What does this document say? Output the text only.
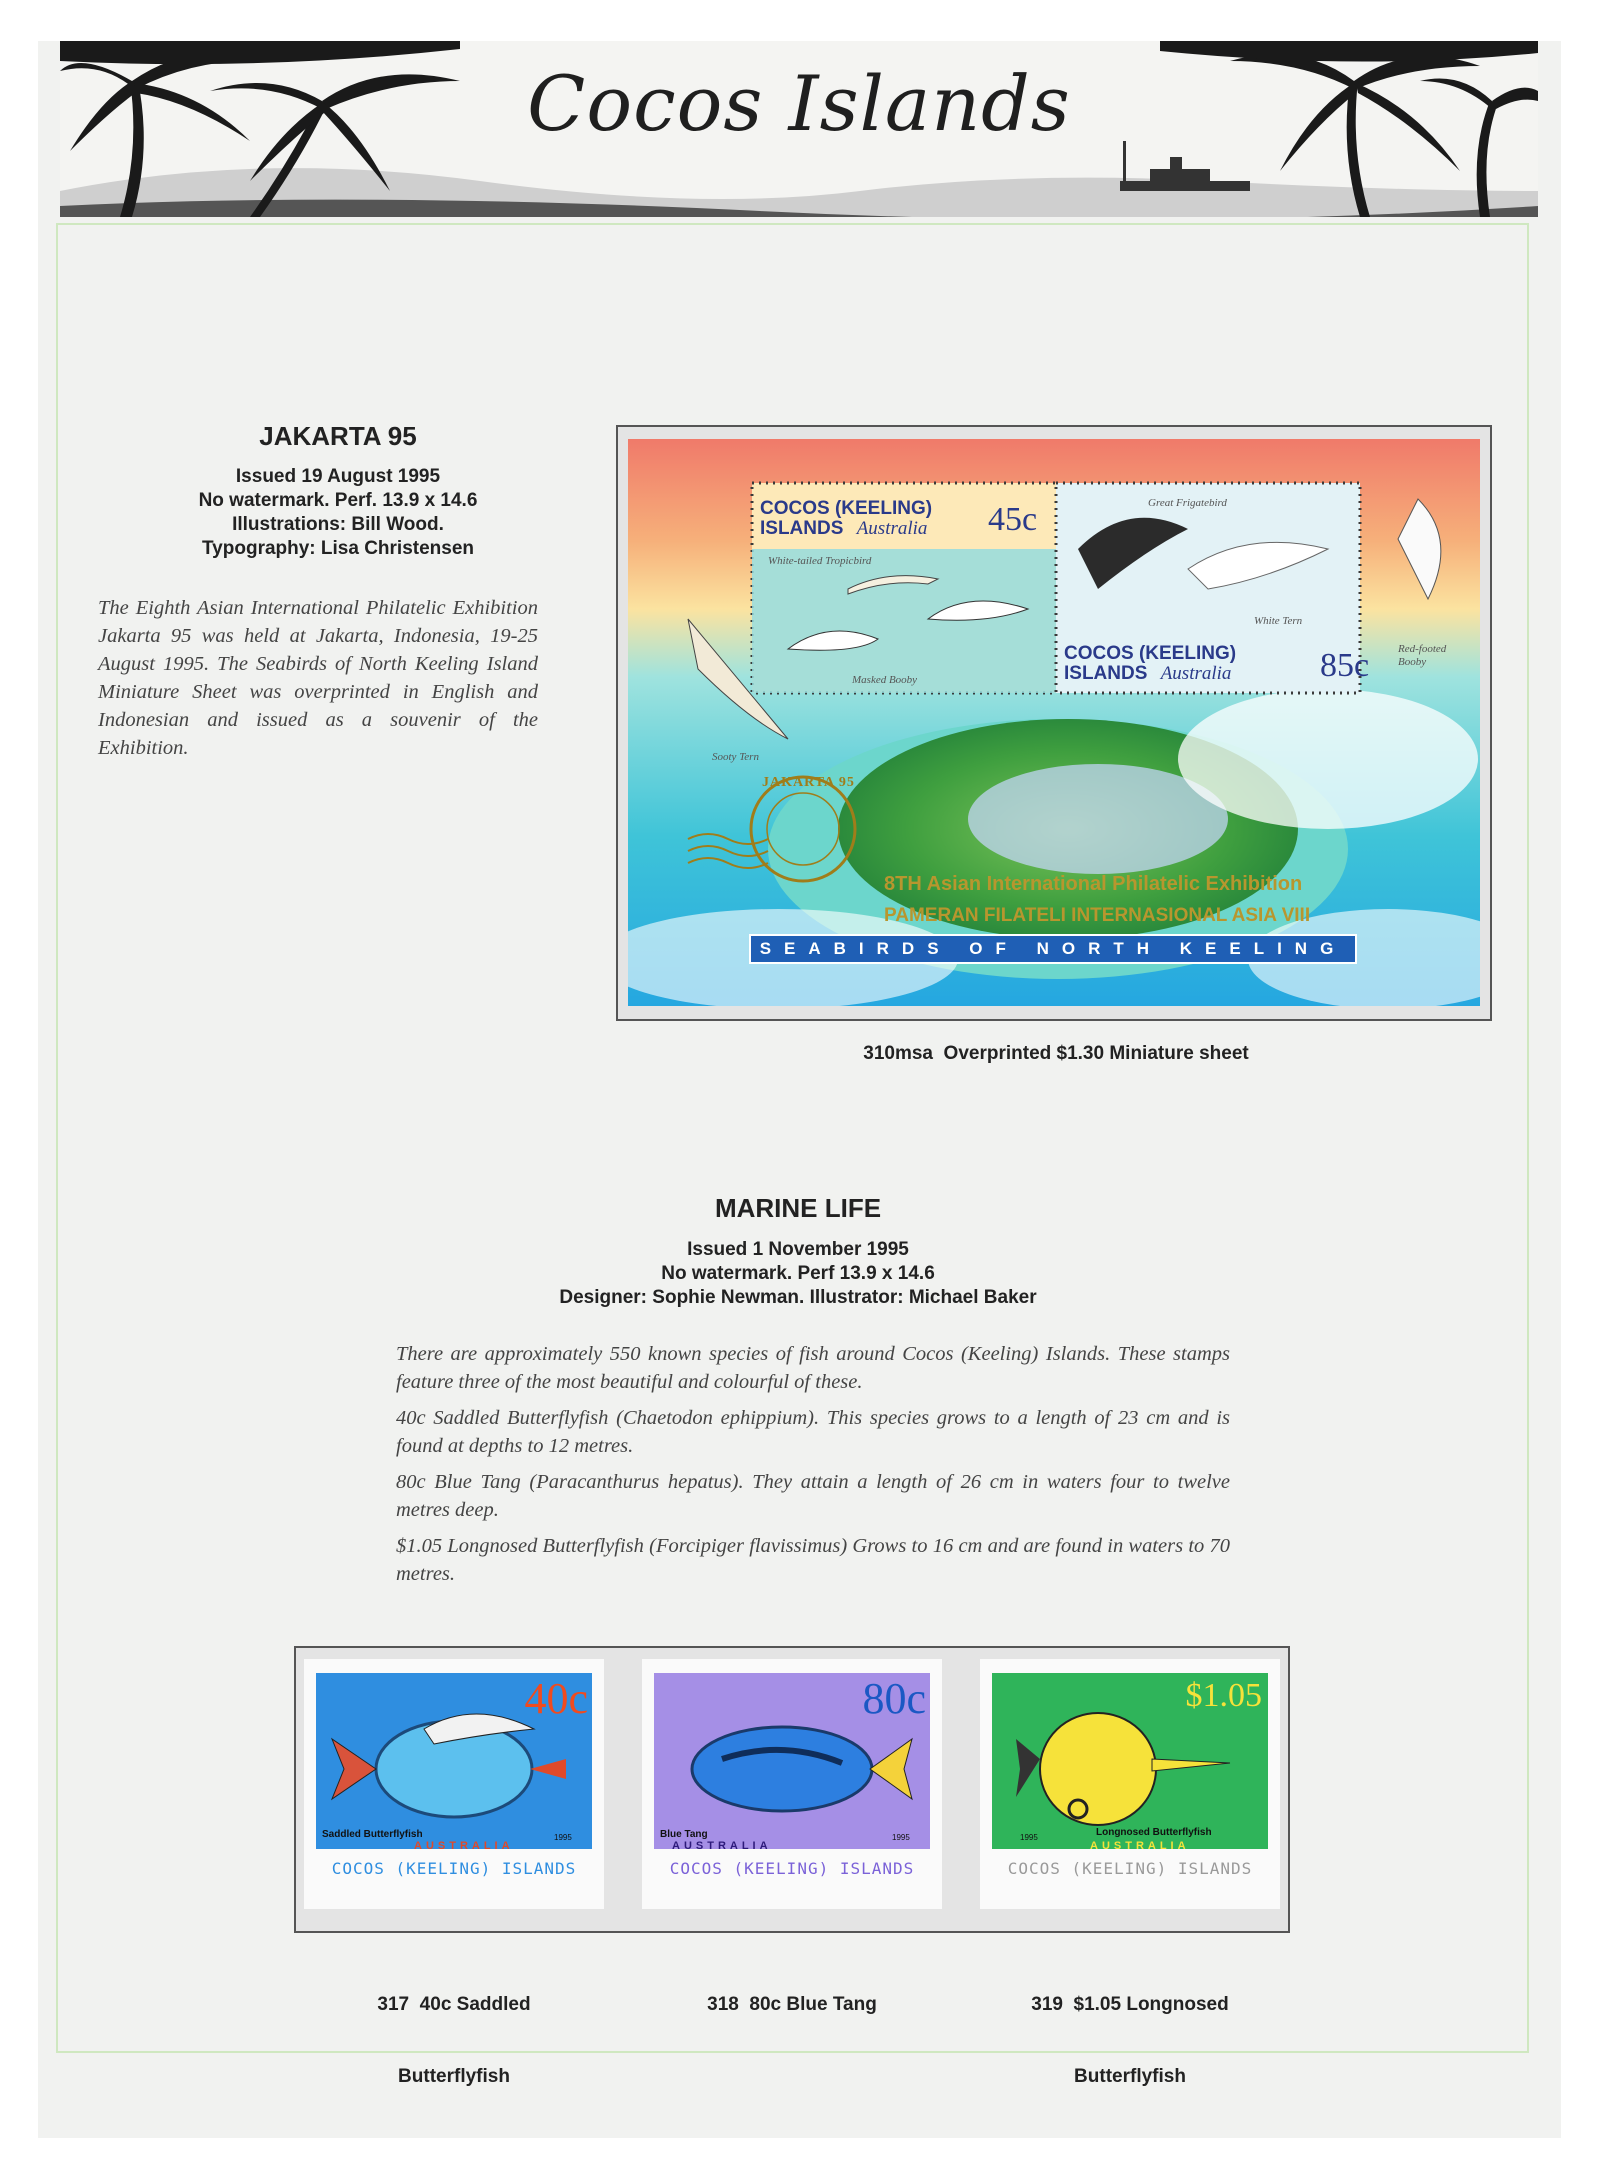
Cocos Islands
JAKARTA 95
Issued 19 August 1995
No watermark. Perf. 13.9 x 14.6
Illustrations: Bill Wood.
Typography: Lisa Christensen

The Eighth Asian International Philatelic Exhibition Jakarta 95 was held at Jakarta, Indonesia, 19-25 August 1995. The Seabirds of North Keeling Island Miniature Sheet was overprinted in English and Indonesian and issued as a souvenir of the Exhibition.

COCOS (KEELING)
ISLANDS Australia 45c
White-tailed Tropicbird
Masked Booby
Great Frigatebird
White Tern
COCOS (KEELING)
ISLANDS Australia	85c	Red-footed Booby
Sooty Tern
JAKARTA 95
8TH Asian International Philatelic Exhibition
PAMERAN FILATELI INTERNASIONAL ASIA VIII
SEABIRDS OF NORTH KEELING
310msa  Overprinted $1.30 Miniature sheet
MARINE LIFE
Issued 1 November 1995
No watermark. Perf 13.9 x 14.6
Designer: Sophie Newman. Illustrator: Michael Baker

There are approximately 550 known species of fish around Cocos (Keeling) Islands. These stamps feature three of the most beautiful and colourful of these.

40c Saddled Butterflyfish (Chaetodon ephippium). This species grows to a length of 23 cm and is found at depths to 12 metres.

80c Blue Tang (Paracanthurus hepatus). They attain a length of 26 cm in waters four to twelve metres deep.

$1.05 Longnosed Butterflyfish (Forcipiger flavissimus) Grows to 16 cm and are found in waters to 70 metres.

40c
Saddled Butterflyfish
AUSTRALIA
1995
COCOS (KEELING) ISLANDS
80c
Blue Tang
AUSTRALIA
1995
COCOS (KEELING) ISLANDS
$1.05
Longnosed Butterflyfish
AUSTRALIA
1995
COCOS (KEELING) ISLANDS

317  40c Saddled

Butterflyfish

318  80c Blue Tang

	319  $1.05 Longnosed

Butterflyfish
